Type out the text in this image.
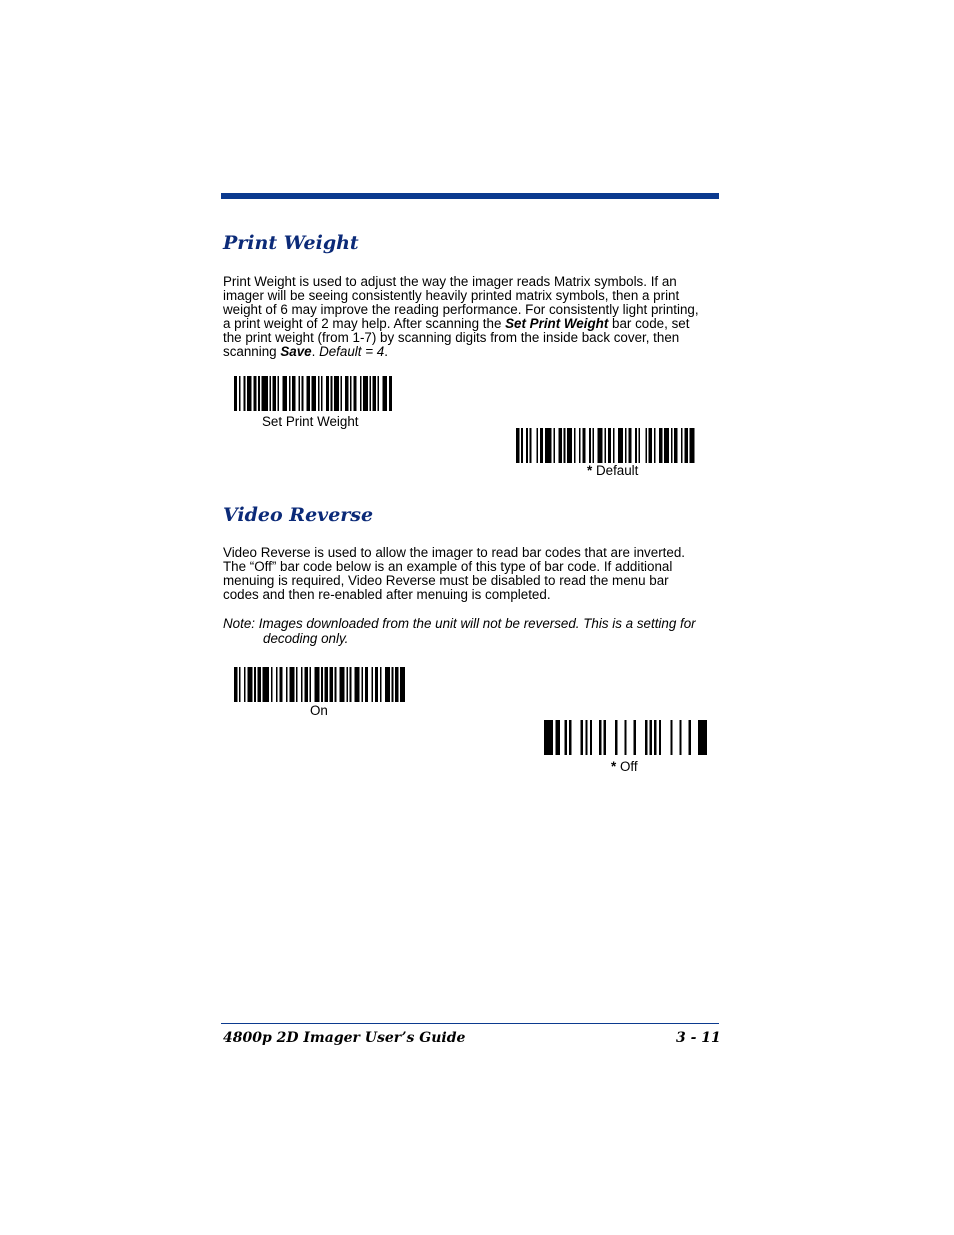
Print Weight

Print Weight is used to adjust the way the imager reads Matrix symbols. If an
imager will be seeing consistently heavily printed matrix symbols, then a print
weight of 6 may improve the reading performance. For consistently light printing,
a print weight of 2 may help. After scanning the Set Print Weight bar code, set
the print weight (from 1-7) by scanning digits from the inside back cover, then
scanning Save. Default = 4.

Set Print Weight
* Default
Video Reverse

Video Reverse is used to allow the imager to read bar codes that are inverted.
The “Off” bar code below is an example of this type of bar code. If additional
menuing is required, Video Reverse must be disabled to read the menu bar
codes and then re-enabled after menuing is completed.

Note: Images downloaded from the unit will not be reversed. This is a setting for
decoding only.

On
* Off
4800p 2D Imager User’s Guide	3 - 11
